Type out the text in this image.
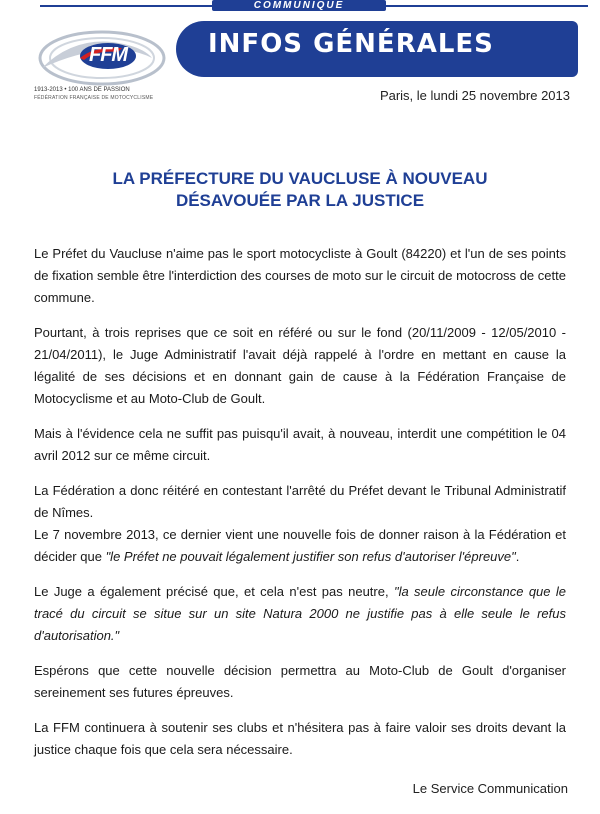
COMMUNIQUE
FFM
1913-2013 • 100 ANS DE PASSION
FÉDÉRATION FRANÇAISE DE MOTOCYCLISME
INFOS GÉNÉRALES
Paris, le lundi 25 novembre 2013
LA PRÉFECTURE DU VAUCLUSE À NOUVEAU
DÉSAVOUÉE PAR LA JUSTICE

Le Préfet du Vaucluse n'aime pas le sport motocycliste à Goult (84220) et l'un de ses points de fixation semble être l'interdiction des courses de moto sur le circuit de motocross de cette commune.

Pourtant, à trois reprises que ce soit en référé ou sur le fond (20/11/2009 - 12/05/2010 - 21/04/2011), le Juge Administratif l'avait déjà rappelé à l'ordre en mettant en cause la légalité de ses décisions et en donnant gain de cause à la Fédération Française de Motocyclisme et au Moto-Club de Goult.

Mais à l'évidence cela ne suffit pas puisqu'il avait, à nouveau, interdit une compétition le 04 avril 2012 sur ce même circuit.

La Fédération a donc réitéré en contestant l'arrêté du Préfet devant le Tribunal Administratif de Nîmes.

Le 7 novembre 2013, ce dernier vient une nouvelle fois de donner raison à la Fédération et décider que "le Préfet ne pouvait légalement justifier son refus d'autoriser l'épreuve".

Le Juge a également précisé que, et cela n'est pas neutre, "la seule circonstance que le tracé du circuit se situe sur un site Natura 2000 ne justifie pas à elle seule le refus d'autorisation."

Espérons que cette nouvelle décision permettra au Moto-Club de Goult d'organiser sereinement ses futures épreuves.

La FFM continuera à soutenir ses clubs et n'hésitera pas à faire valoir ses droits devant la justice chaque fois que cela sera nécessaire.

Le Service Communication
